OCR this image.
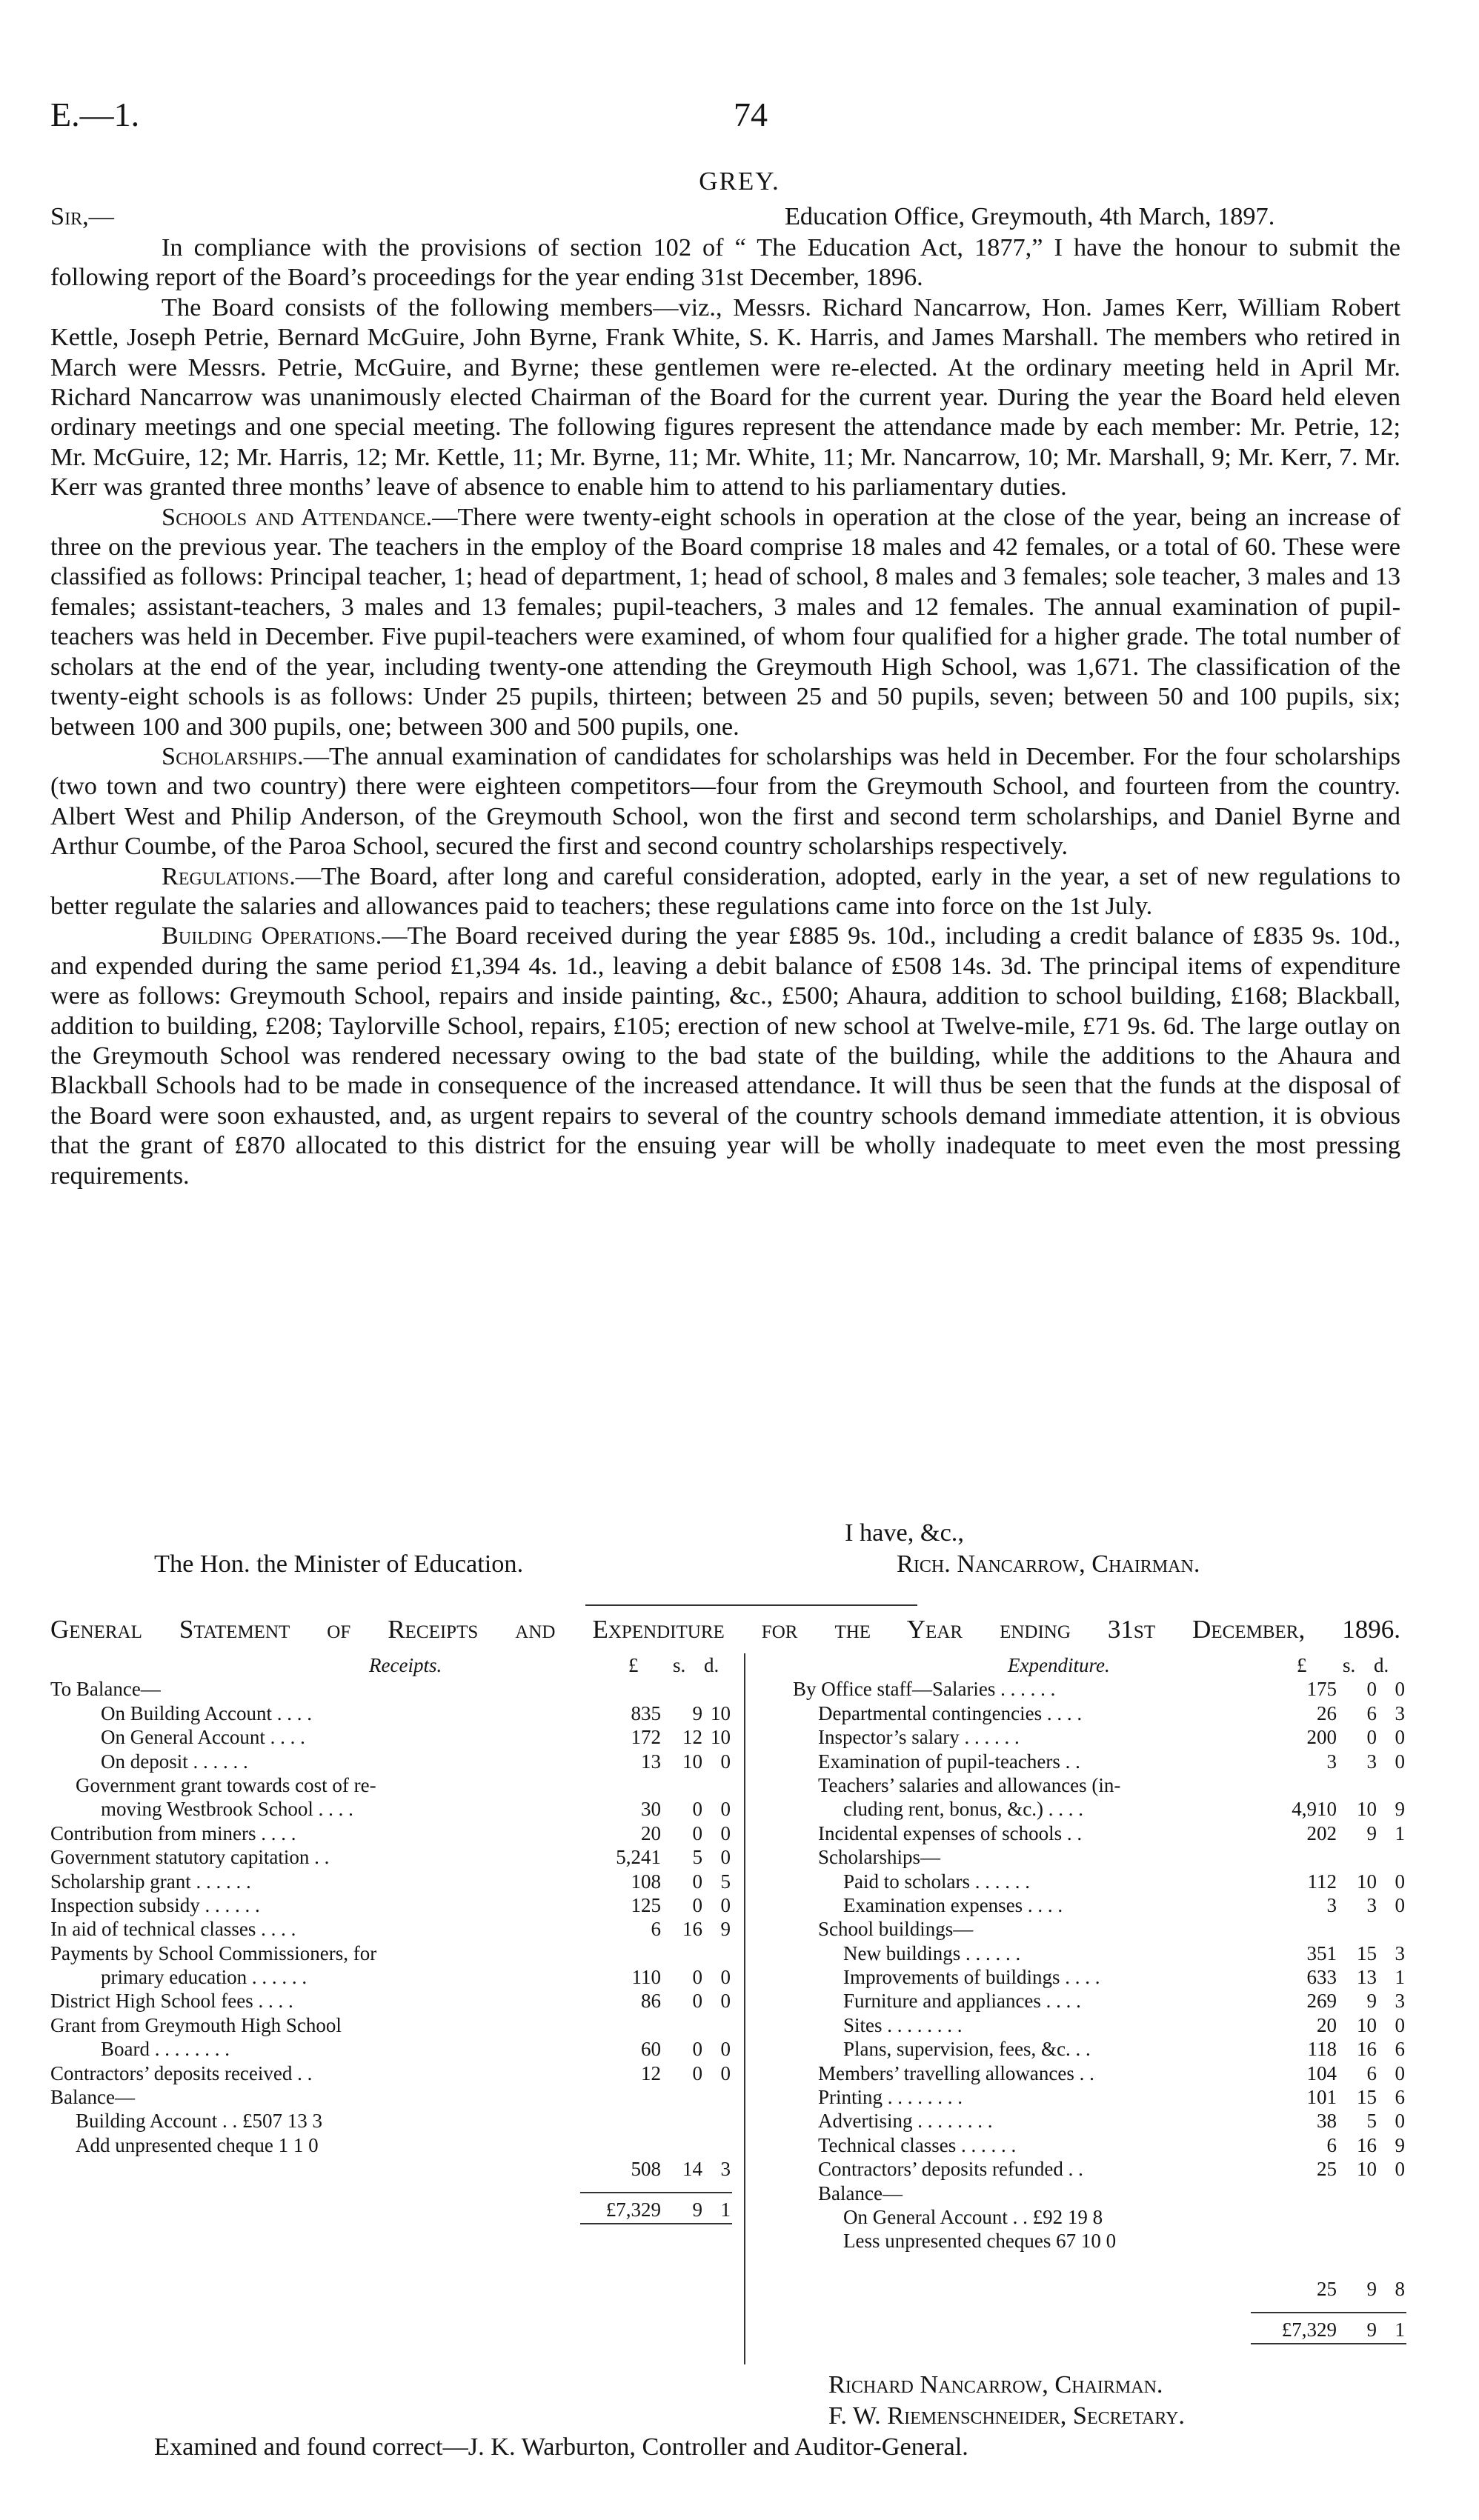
E.—1.	74
GREY.
Sir,—	Education Office, Greymouth, 4th March, 1897.

In compliance with the provisions of section 102 of “ The Education Act, 1877,” I have the honour to submit the following report of the Board’s proceedings for the year ending 31st December, 1896.

The Board consists of the following members—viz., Messrs. Richard Nancarrow, Hon. James Kerr, William Robert Kettle, Joseph Petrie, Bernard McGuire, John Byrne, Frank White, S. K. Harris, and James Marshall. The members who retired in March were Messrs. Petrie, McGuire, and Byrne; these gentlemen were re-elected. At the ordinary meeting held in April Mr. Richard Nancarrow was unanimously elected Chairman of the Board for the current year. During the year the Board held eleven ordinary meetings and one special meeting. The following figures represent the attendance made by each member: Mr. Petrie, 12; Mr. McGuire, 12; Mr. Harris, 12; Mr. Kettle, 11; Mr. Byrne, 11; Mr. White, 11; Mr. Nancarrow, 10; Mr. Marshall, 9; Mr. Kerr, 7. Mr. Kerr was granted three months’ leave of absence to enable him to attend to his parliamentary duties.

Schools and Attendance.—There were twenty-eight schools in operation at the close of the year, being an increase of three on the previous year. The teachers in the employ of the Board comprise 18 males and 42 females, or a total of 60. These were classified as follows: Principal teacher, 1; head of department, 1; head of school, 8 males and 3 females; sole teacher, 3 males and 13 females; assistant-teachers, 3 males and 13 females; pupil-teachers, 3 males and 12 females. The annual examination of pupil-teachers was held in December. Five pupil-teachers were examined, of whom four qualified for a higher grade. The total number of scholars at the end of the year, including twenty-one attending the Greymouth High School, was 1,671. The classification of the twenty-eight schools is as follows: Under 25 pupils, thirteen; between 25 and 50 pupils, seven; between 50 and 100 pupils, six; between 100 and 300 pupils, one; between 300 and 500 pupils, one.

Scholarships.—The annual examination of candidates for scholarships was held in December. For the four scholarships (two town and two country) there were eighteen competitors—four from the Greymouth School, and fourteen from the country. Albert West and Philip Anderson, of the Greymouth School, won the first and second term scholarships, and Daniel Byrne and Arthur Coumbe, of the Paroa School, secured the first and second country scholarships respectively.

Regulations.—The Board, after long and careful consideration, adopted, early in the year, a set of new regulations to better regulate the salaries and allowances paid to teachers; these regulations came into force on the 1st July.

Building Operations.—The Board received during the year £885 9s. 10d., including a credit balance of £835 9s. 10d., and expended during the same period £1,394 4s. 1d., leaving a debit balance of £508 14s. 3d. The principal items of expenditure were as follows: Greymouth School, repairs and inside painting, &c., £500; Ahaura, addition to school building, £168; Blackball, addition to building, £208; Taylorville School, repairs, £105; erection of new school at Twelve-mile, £71 9s. 6d. The large outlay on the Greymouth School was rendered necessary owing to the bad state of the building, while the additions to the Ahaura and Blackball Schools had to be made in consequence of the increased attendance. It will thus be seen that the funds at the disposal of the Board were soon exhausted, and, as urgent repairs to several of the country schools demand immediate attention, it is obvious that the grant of £870 allocated to this district for the ensuing year will be wholly inadequate to meet even the most pressing requirements.

I have, &c.,
The Hon. the Minister of Education.	Rich. Nancarrow, Chairman.
General Statement of Receipts and Expenditure for the Year ending 31st December, 1896.
Receipts.	£ s. d.
To Balance—
On Building Account . . . .	835 9 10
On General Account . . . .	172 12 10
On deposit . . . . . .	13 10 0
Government grant towards cost of re-
moving Westbrook School . . . .	30 0 0
Contribution from miners . . . .	20 0 0
Government statutory capitation . .	5,241 5 0
Scholarship grant . . . . . .	108 0 5
Inspection subsidy . . . . . .	125 0 0
In aid of technical classes . . . .	6 16 9
Payments by School Commissioners, for
primary education . . . . . .	110 0 0
District High School fees . . . .	86 0 0
Grant from Greymouth High School
Board . . . . . . . .	60 0 0
Contractors’ deposits received . .	12 0 0
Balance—
Building Account . . £507 13 3
Add unpresented cheque 1 1 0
508 14 3
£7,329 9 1
Expenditure.	£ s. d.
By Office staff—Salaries . . . . . .	175 0 0
Departmental contingencies . . . .	26 6 3
Inspector’s salary . . . . . .	200 0 0
Examination of pupil-teachers . .	3 3 0
Teachers’ salaries and allowances (in-
cluding rent, bonus, &c.) . . . .	4,910 10 9
Incidental expenses of schools . .	202 9 1
Scholarships—
Paid to scholars . . . . . .	112 10 0
Examination expenses . . . .	3 3 0
School buildings—
New buildings . . . . . .	351 15 3
Improvements of buildings . . . .	633 13 1
Furniture and appliances . . . .	269 9 3
Sites . . . . . . . .	20 10 0
Plans, supervision, fees, &c. . .	118 16 6
Members’ travelling allowances . .	104 6 0
Printing . . . . . . . .	101 15 6
Advertising . . . . . . . .	38 5 0
Technical classes . . . . . .	6 16 9
Contractors’ deposits refunded . .	25 10 0
Balance—
On General Account . . £92 19 8
Less unpresented cheques 67 10 0
25 9 8
£7,329 9 1
Richard Nancarrow, Chairman.
F. W. Riemenschneider, Secretary.
Examined and found correct—J. K. Warburton, Controller and Auditor-General.
